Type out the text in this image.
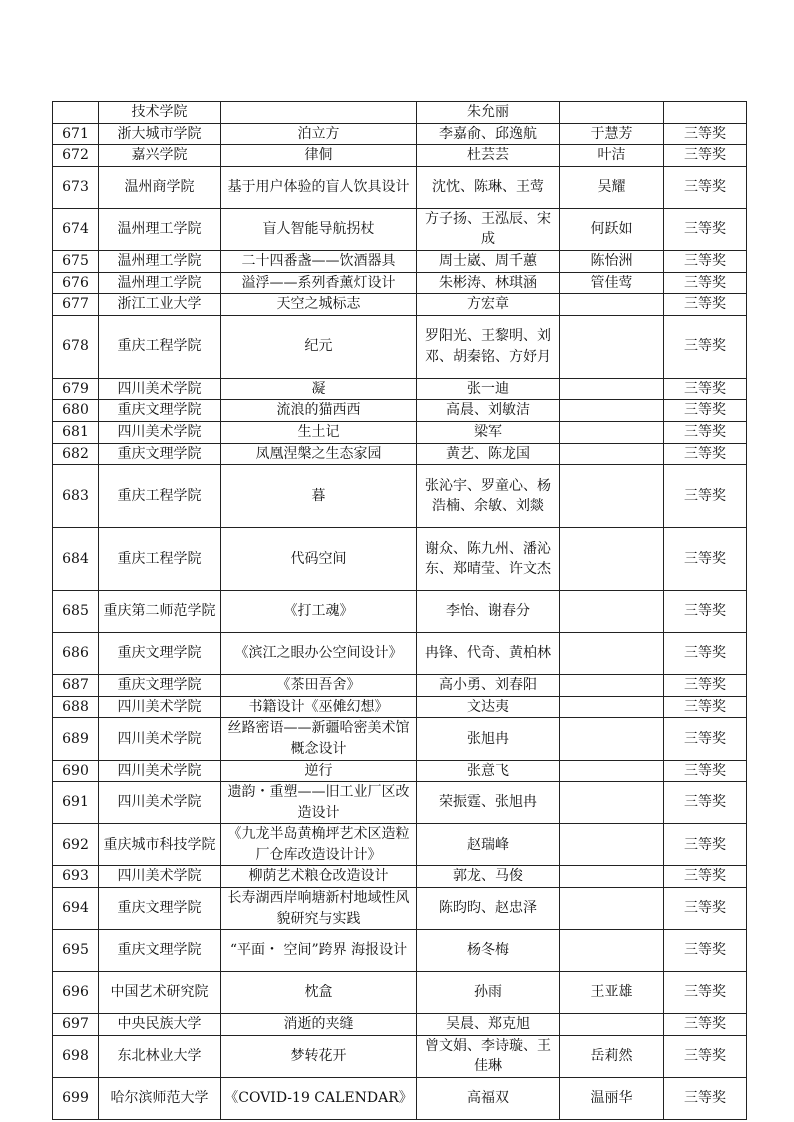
	技术学院		朱允丽		
671	浙大城市学院	泊立方	李嘉俞、邱逸航	于慧芳	三等奖
672	嘉兴学院	律侗	杜芸芸	叶洁	三等奖
673	温州商学院	基于用户体验的盲人饮具设计	沈忱、陈琳、王莺	吴耀	三等奖
674	温州理工学院	盲人智能导航拐杖	方子扬、王泓辰、宋成	何跃如	三等奖
675	温州理工学院	二十四番盏——饮酒器具	周士崴、周千蕙	陈怡洲	三等奖
676	温州理工学院	溢浮——系列香薰灯设计	朱彬涛、林琪涵	管佳莺	三等奖
677	浙江工业大学	天空之城标志	方宏章		三等奖
678	重庆工程学院	纪元	罗阳光、王黎明、刘邓、胡秦铭、方妤月		三等奖
679	四川美术学院	凝	张一迪		三等奖
680	重庆文理学院	流浪的猫西西	高晨、刘敏洁		三等奖
681	四川美术学院	生土记	梁军		三等奖
682	重庆文理学院	凤凰涅槃之生态家园	黄艺、陈龙国		三等奖
683	重庆工程学院	暮	张沁宇、罗童心、杨浩楠、余敏、刘燚		三等奖
684	重庆工程学院	代码空间	谢众、陈九州、潘沁东、郑晴莹、许文杰		三等奖
685	重庆第二师范学院	《打工魂》	李怡、谢春分		三等奖
686	重庆文理学院	《滨江之眼办公空间设计》	冉锋、代奇、黄柏林		三等奖
687	重庆文理学院	《茶田吾舍》	高小勇、刘春阳		三等奖
688	四川美术学院	书籍设计《巫傩幻想》	文达夷		三等奖
689	四川美术学院	丝路密语——新疆哈密美术馆概念设计	张旭冉		三等奖
690	四川美术学院	逆行	张意飞		三等奖
691	四川美术学院	遗韵・重塑——旧工业厂区改造设计	荣振霆、张旭冉		三等奖
692	重庆城市科技学院	《九龙半岛黄桷坪艺术区造粒厂仓库改造设计计》	赵瑞峰		三等奖
693	四川美术学院	柳荫艺术粮仓改造设计	郭龙、马俊		三等奖
694	重庆文理学院	长寿湖西岸响塘新村地域性风貌研究与实践	陈昀昀、赵忠泽		三等奖
695	重庆文理学院	“平面・ 空间”跨界 海报设计	杨冬梅		三等奖
696	中国艺术研究院	枕盒	孙雨	王亚雄	三等奖
697	中央民族大学	消逝的夹缝	吴晨、郑克旭		三等奖
698	东北林业大学	梦转花开	曾文娟、李诗璇、王佳琳	岳莉然	三等奖
699	哈尔滨师范大学	《COVID-19 CALENDAR》	高福双	温丽华	三等奖
